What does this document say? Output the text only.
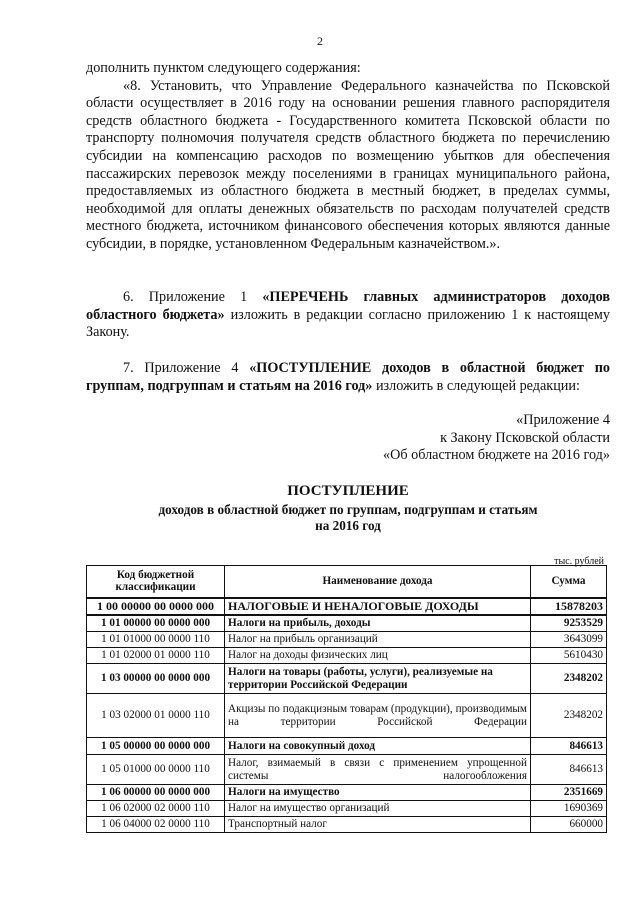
2

дополнить пунктом следующего содержания:

«8. Установить, что Управление Федерального казначейства по Псковской области осуществляет в 2016 году на основании решения главного распорядителя средств областного бюджета - Государственного комитета Псковской области по транспорту полномочия получателя средств областного бюджета по перечислению субсидии на компенсацию расходов по возмещению убытков для обеспечения пассажирских перевозок между поселениями в границах муниципального района, предоставляемых из областного бюджета в местный бюджет, в пределах суммы, необходимой для оплаты денежных обязательств по расходам получателей средств местного бюджета, источником финансового обеспечения которых являются данные субсидии, в порядке, установленном Федеральным казначейством.».

6. Приложение 1 «ПЕРЕЧЕНЬ главных администраторов доходов областного бюджета» изложить в редакции согласно приложению 1 к настоящему Закону.

7. Приложение 4 «ПОСТУПЛЕНИЕ доходов в областной бюджет по группам, подгруппам и статьям на 2016 год» изложить в следующей редакции:

«Приложение 4
к Закону Псковской области
«Об областном бюджете на 2016 год»
ПОСТУПЛЕНИЕ
доходов в областной бюджет по группам, подгруппам и статьям
на 2016 год
тыс. рублей
Код бюджетной классификации	Наименование дохода	Сумма
1 00 00000 00 0000 000	НАЛОГОВЫЕ И НЕНАЛОГОВЫЕ ДОХОДЫ	15878203
1 01 00000 00 0000 000	Налоги на прибыль, доходы	9253529
1 01 01000 00 0000 110	Налог на прибыль организаций	3643099
1 01 02000 01 0000 110	Налог на доходы физических лиц	5610430
1 03 00000 00 0000 000	Налоги на товары (работы, услуги), реализуемые на территории Российской Федерации	2348202
1 03 02000 01 0000 110	Акцизы по подакцизным товарам (продукции), производимым на территории Российской Федерации	2348202
1 05 00000 00 0000 000	Налоги на совокупный доход	846613
1 05 01000 00 0000 110	Налог, взимаемый в связи с применением упрощенной системы налогообложения	846613
1 06 00000 00 0000 000	Налоги на имущество	2351669
1 06 02000 02 0000 110	Налог на имущество организаций	1690369
1 06 04000 02 0000 110	Транспортный налог	660000
